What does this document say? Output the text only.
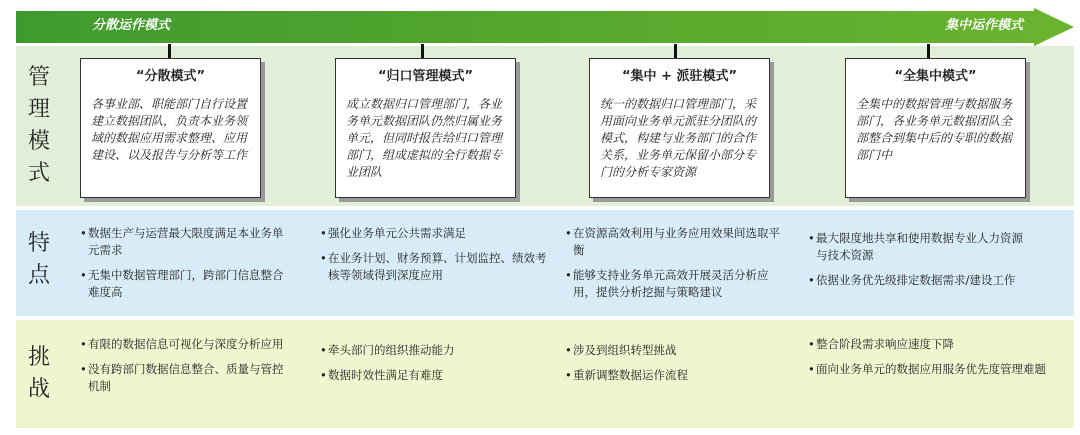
分散运作模式	集中运作模式
管
理
模
式
特
点
挑
战
“分散模式”
各事业部、职能部门自行设置建立数据团队，负责本业务领域的数据应用需求整理、应用建设、以及报告与分析等工作
“归口管理模式”
成立数据归口管理部门，各业务单元数据团队仍然归属业务单元，但同时报告给归口管理部门，组成虚拟的全行数据专业团队
“集中 + 派驻模式”
统一的数据归口管理部门，采用面向业务单元派驻分团队的模式，构建与业务部门的合作关系，业务单元保留小部分专门的分析专家资源
“全集中模式”
全集中的数据管理与数据服务部门，各业务单元数据团队全部整合到集中后的专职的数据部门中
• 数据生产与运营最大限度满足本业务单元需求
• 无集中数据管理部门，跨部门信息整合难度高
• 强化业务单元公共需求满足
• 在业务计划、财务预算、计划监控、绩效考核等领域得到深度应用
• 在资源高效利用与业务应用效果间选取平衡
• 能够支持业务单元高效开展灵活分析应用，提供分析挖掘与策略建议
• 最大限度地共享和使用数据专业人力资源与技术资源
• 依据业务优先级排定数据需求/建设工作
• 有限的数据信息可视化与深度分析应用
• 没有跨部门数据信息整合、质量与管控机制
• 牵头部门的组织推动能力
• 数据时效性满足有难度
• 涉及到组织转型挑战
• 重新调整数据运作流程
• 整合阶段需求响应速度下降
• 面向业务单元的数据应用服务优先度管理难题
